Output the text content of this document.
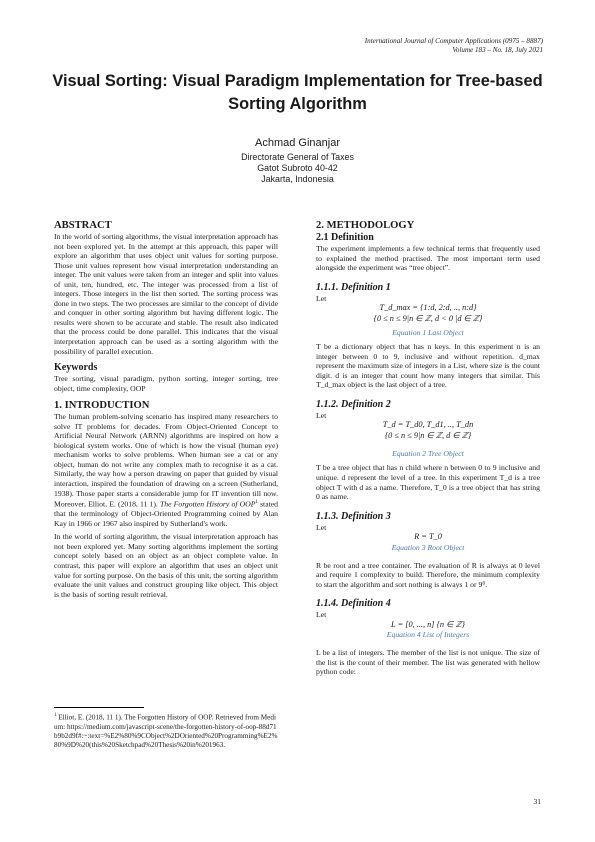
International Journal of Computer Applications (0975 – 8887)
Volume 183 – No. 18, July 2021
Visual Sorting: Visual Paradigm Implementation for Tree-based Sorting Algorithm
Achmad Ginanjar
Directorate General of Taxes
Gatot Subroto 40-42
Jakarta, Indonesia
ABSTRACT

In the world of sorting algorithms, the visual interpretation approach has not been explored yet. In the attempt at this approach, this paper will explore an algorithm that uses object unit values for sorting purpose. Those unit values represent how visual interpretation understanding an integer. The unit values were taken from an integer and split into values of unit, ten, hundred, etc. The integer was processed from a list of integers. Those integers in the list then sorted. The sorting process was done in two steps. The two processes are similar to the concept of divide and conquer in other sorting algorithm but having different logic. The results were shown to be accurate and stable. The result also indicated that the process could be done parallel. This indicates that the visual interpretation approach can be used as a sorting algorithm with the possibility of parallel execution.

Keywords

Tree sorting, visual paradigm, python sorting, integer sorting, tree object, time complexity, OOP

1. INTRODUCTION

The human problem-solving scenario has inspired many researchers to solve IT problems for decades. From Object-Oriented Concept to Artificial Neural Network (ARNN) algorithms are inspired on how a biological system works. One of which is how the visual (human eye) mechanism works to solve problems. When human see a cat or any object, human do not write any complex math to recognise it as a cat. Similarly, the way how a person drawing on paper that guided by visual interaction, inspired the foundation of drawing on a screen (Sutherland, 1938). Those paper starts a considerable jump for IT invention till now. Moreover, Elliot, E. (2018, 11 1). The Forgotten History of OOP$^1$ stated that the terminology of Object-Oriented Programming coined by Alan Kay in 1966 or 1967 also inspired by Sutherland's work.

In the world of sorting algorithm, the visual interpretation approach has not been explored yet. Many sorting algorithms implement the sorting concept solely based on an object as an object complete value. In contrast, this paper will explore an algorithm that uses an object unit value for sorting purpose. On the basis of this unit, the sorting algorithm evaluate the unit values and construct grouping like object. This object is the basis of sorting result retrieval.

$^1$ Elliot, E. (2018, 11 1). The Forgotten History of OOP. Retrieved from Medium: https://medium.com/javascript-scene/the-forgotten-history-of-oop-88d71b9b2d9f#:~:text=%E2%80%9CObject%2DOriented%20Programming%E2%80%9D%20(this%20Sketchpad%20Thesis%20in%201963.

2. METHODOLOGY
2.1 Definition

The experiment implements a few technical terms that frequently used to explained the method practised. The most important term used alongside the experiment was “tree object”.

1.1.1. Definition 1

Let

T_d_max = {1:d, 2:d, .., n:d}

{0 ≤ n ≤ 9|n ∈ ℤ, d < 0 |d ∈ ℤ}

Equation 1 Last Object

T be a dictionary object that has n keys. In this experiment n is an integer between 0 to 9, inclusive and without repetition. d_max represent the maximum size of integers in a List, where size is the count digit. d is an integer that count how many integers that similar. This T_d_max object is the last object of a tree.

1.1.2. Definition 2

Let

T_d = T_d0, T_d1, .., T_dn

{0 ≤ n ≤ 9|n ∈ ℤ, d ∈ ℤ}

Equation 2 Tree Object

T be a tree object that has n child where n between 0 to 9 inclusive and unique. d represent the level of a tree. In this experiment T_d is a tree object T with d as a name. Therefore, T_0 is a tree object that has string 0 as name.

1.1.3. Definition 3

Let

R = T_0

Equation 3 Root Object

R be root and a tree container. The evaluation of R is always at 0 level and require 1 complexity to build. Therefore, the minimum complexity to start the algorithm and sort nothing is always 1 or 9⁰.

1.1.4. Definition 4

Let

L = [0, ..., n] {n ∈ ℤ}

Equation 4 List of Integers

L be a list of integers. The member of the list is not unique. The size of the list is the count of their member. The list was generated with hellow python code:

31
